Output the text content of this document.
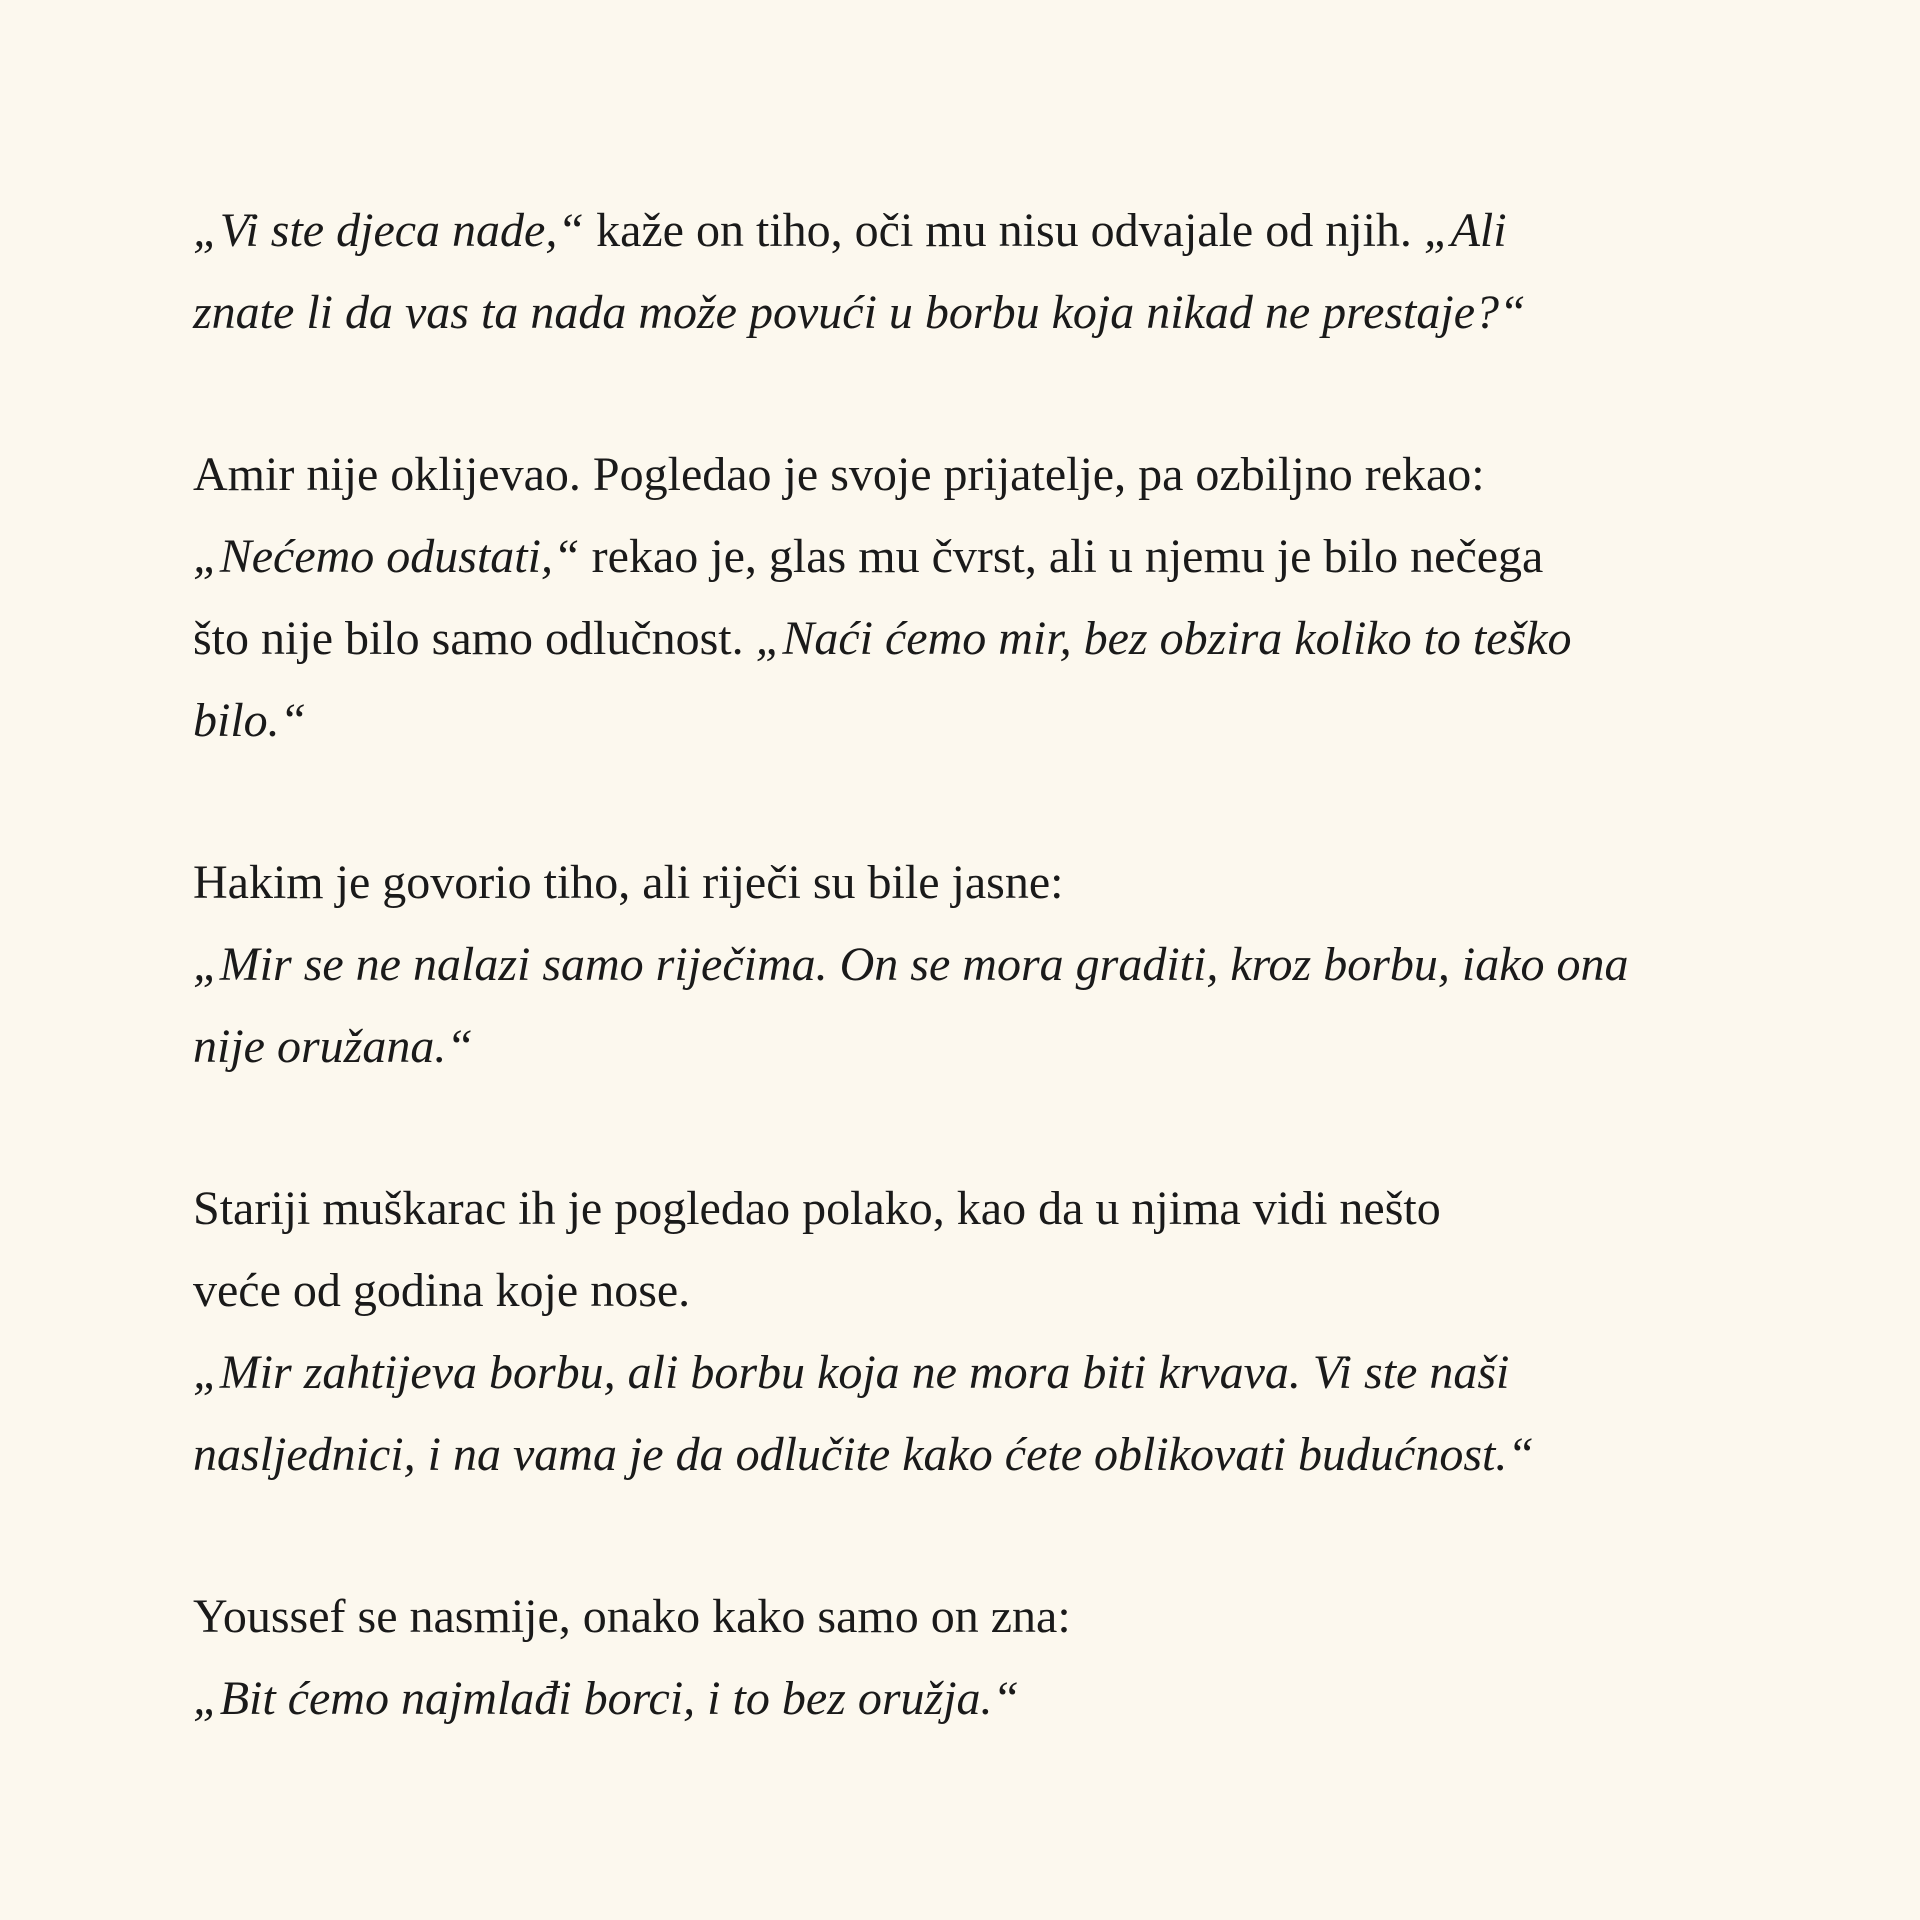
„Vi ste djeca nade,“ kaže on tiho, oči mu nisu odvajale od njih. „Ali
znate li da vas ta nada može povući u borbu koja nikad ne prestaje?“

Amir nije oklijevao. Pogledao je svoje prijatelje, pa ozbiljno rekao:
„Nećemo odustati,“ rekao je, glas mu čvrst, ali u njemu je bilo nečega
što nije bilo samo odlučnost. „Naći ćemo mir, bez obzira koliko to teško
bilo.“

Hakim je govorio tiho, ali riječi su bile jasne:
„Mir se ne nalazi samo riječima. On se mora graditi, kroz borbu, iako ona
nije oružana.“

Stariji muškarac ih je pogledao polako, kao da u njima vidi nešto
veće od godina koje nose.
„Mir zahtijeva borbu, ali borbu koja ne mora biti krvava. Vi ste naši
nasljednici, i na vama je da odlučite kako ćete oblikovati budućnost.“

Youssef se nasmije, onako kako samo on zna:
„Bit ćemo najmlađi borci, i to bez oružja.“
